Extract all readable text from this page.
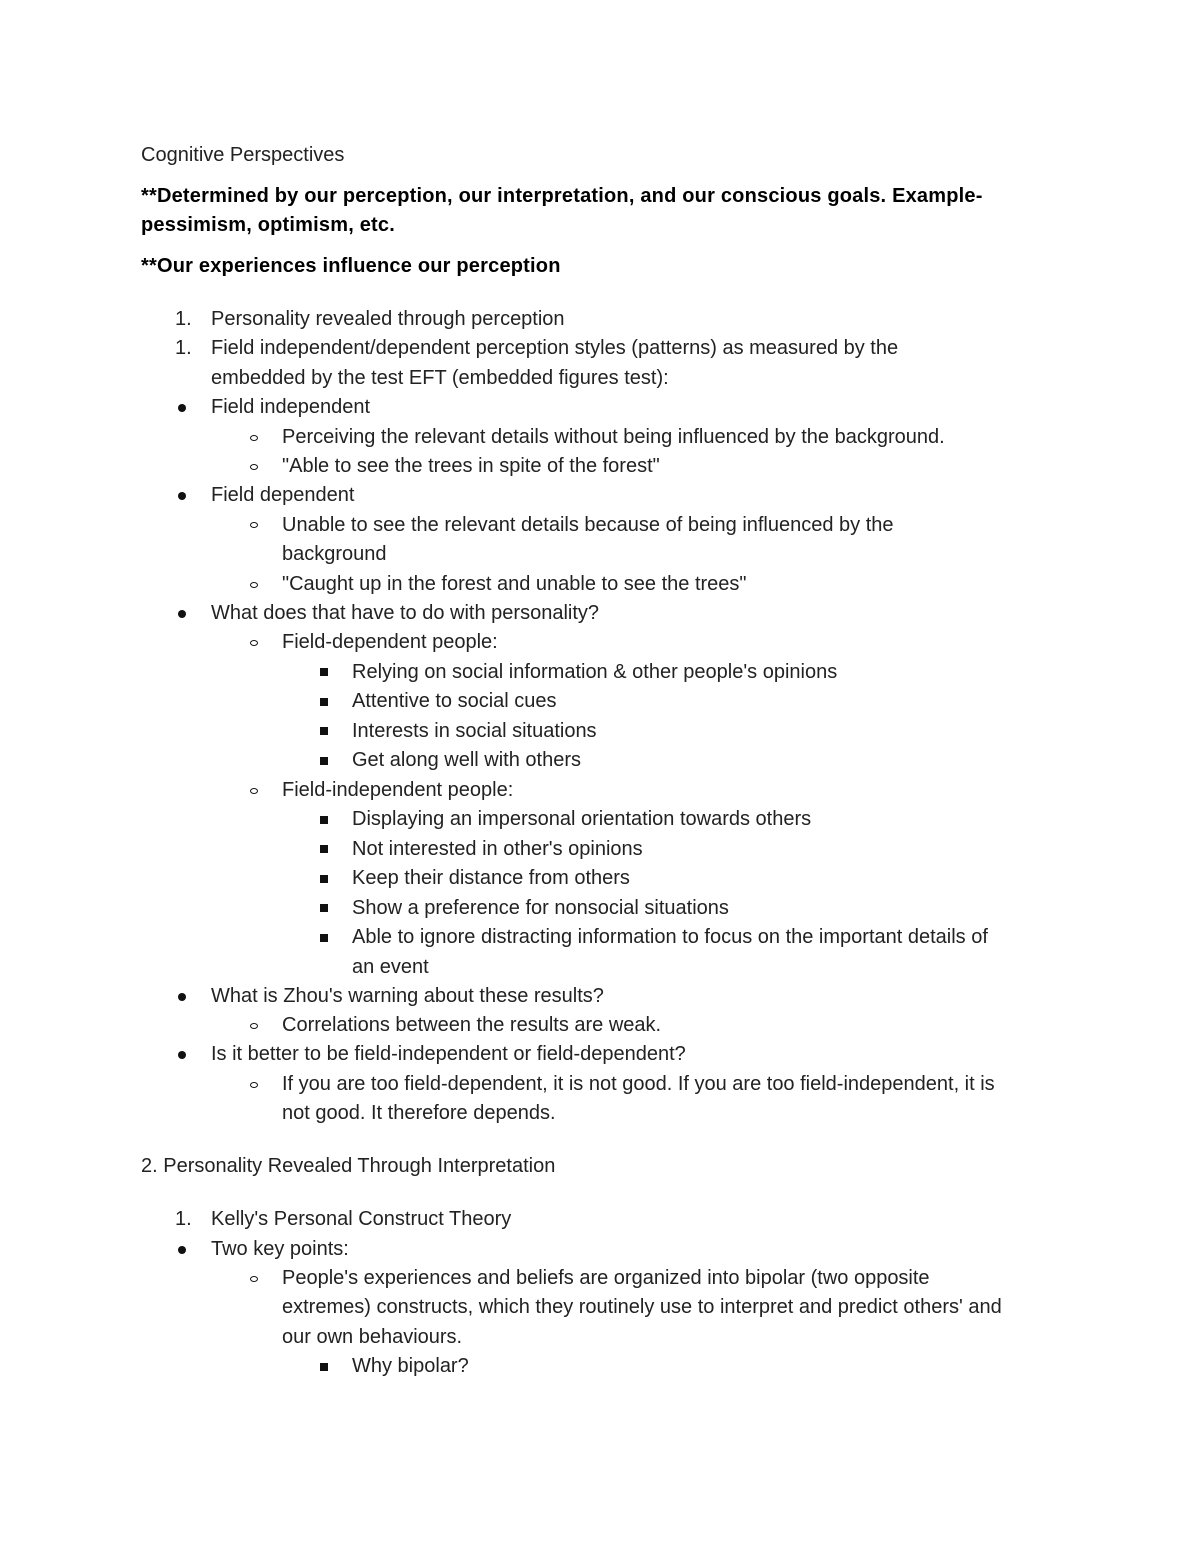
Cognitive Perspectives
**Determined by our perception, our interpretation, and our conscious goals. Example-
pessimism, optimism, etc.
**Our experiences influence our perception
1. Personality revealed through perception
1. Field independent/dependent perception styles (patterns) as measured by the
embedded by the test EFT (embedded figures test):
Field independent
Perceiving the relevant details without being influenced by the background.
"Able to see the trees in spite of the forest"
Field dependent
Unable to see the relevant details because of being influenced by the
background
"Caught up in the forest and unable to see the trees"
What does that have to do with personality?
Field-dependent people:
Relying on social information & other people's opinions
Attentive to social cues
Interests in social situations
Get along well with others
Field-independent people:
Displaying an impersonal orientation towards others
Not interested in other's opinions
Keep their distance from others
Show a preference for nonsocial situations
Able to ignore distracting information to focus on the important details of
an event
What is Zhou's warning about these results?
Correlations between the results are weak.
Is it better to be field-independent or field-dependent?
If you are too field-dependent, it is not good. If you are too field-independent, it is
not good. It therefore depends.
2. Personality Revealed Through Interpretation
1. Kelly's Personal Construct Theory
Two key points:
People's experiences and beliefs are organized into bipolar (two opposite
extremes) constructs, which they routinely use to interpret and predict others' and
our own behaviours.
Why bipolar?
